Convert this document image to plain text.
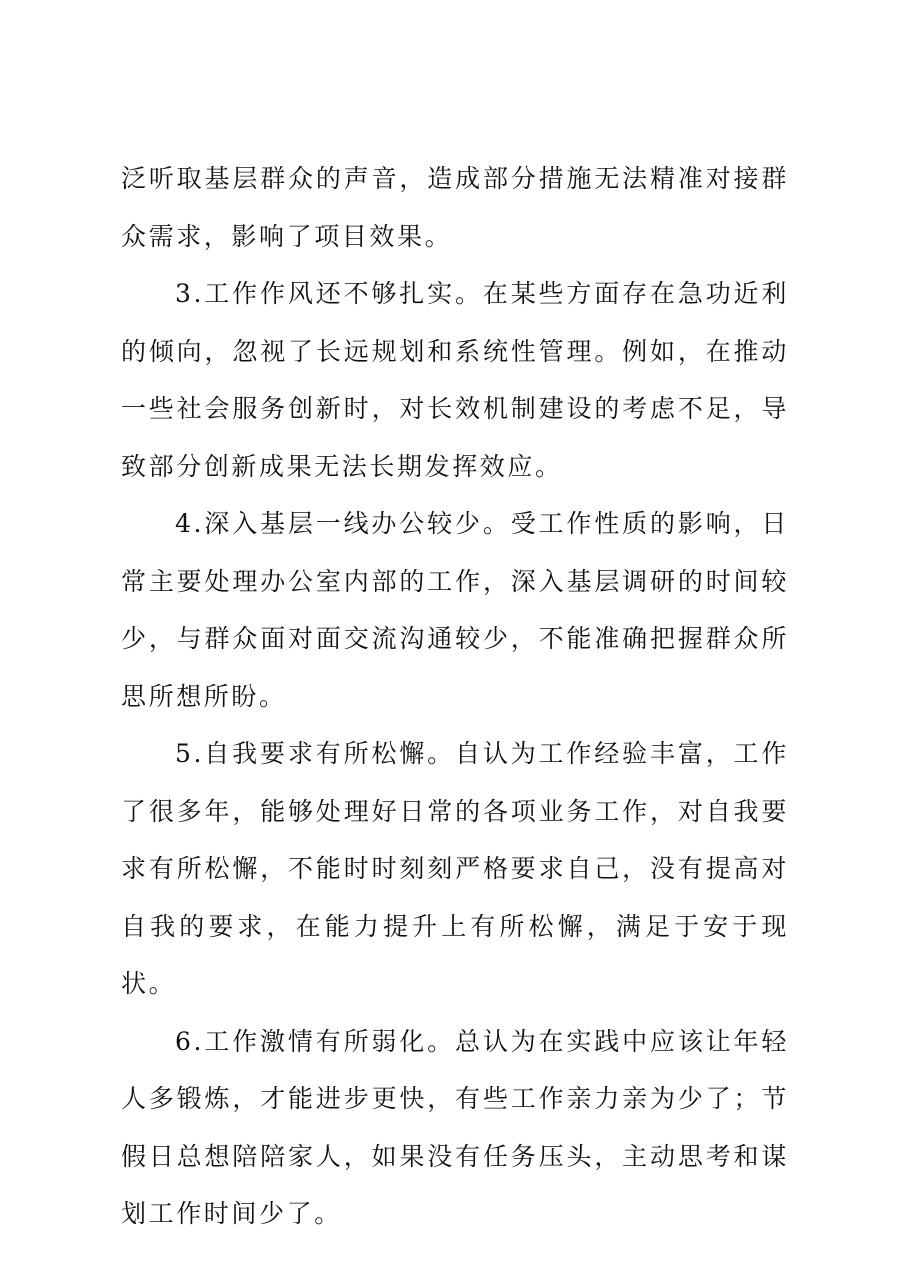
泛听取基层群众的声音，造成部分措施无法精准对接群众需求，影响了项目效果。

3.工作作风还不够扎实。在某些方面存在急功近利的倾向，忽视了长远规划和系统性管理。例如，在推动一些社会服务创新时，对长效机制建设的考虑不足，导致部分创新成果无法长期发挥效应。

4.深入基层一线办公较少。受工作性质的影响，日常主要处理办公室内部的工作，深入基层调研的时间较少，与群众面对面交流沟通较少，不能准确把握群众所思所想所盼。

5.自我要求有所松懈。自认为工作经验丰富，工作了很多年，能够处理好日常的各项业务工作，对自我要求有所松懈，不能时时刻刻严格要求自己，没有提高对自我的要求，在能力提升上有所松懈，满足于安于现状。

6.工作激情有所弱化。总认为在实践中应该让年轻人多锻炼，才能进步更快，有些工作亲力亲为少了；节假日总想陪陪家人，如果没有任务压头，主动思考和谋划工作时间少了。
